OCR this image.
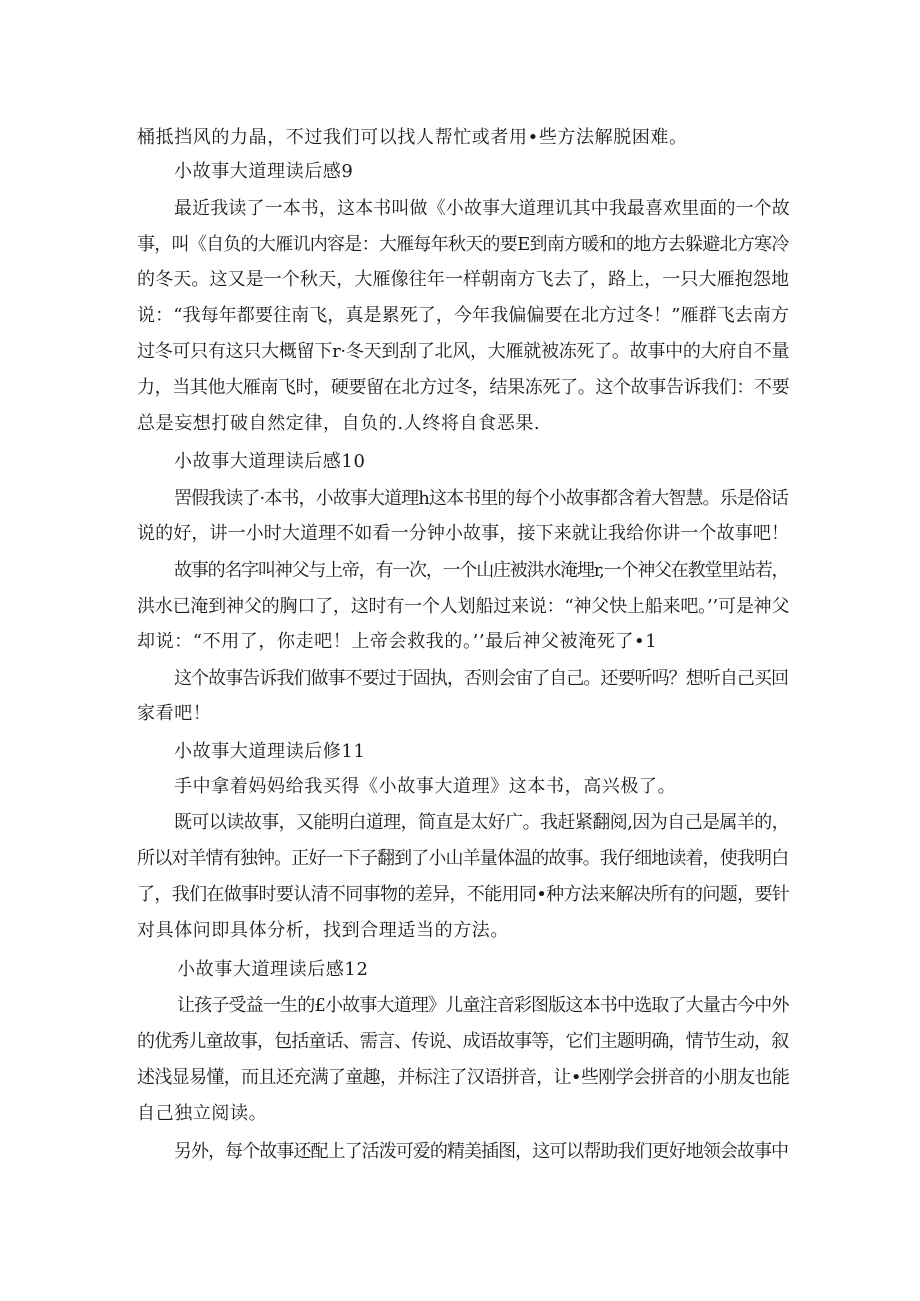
桶抵挡风的力晶，不过我们可以找人帮忙或者用•些方法解脱困难。
小故事大道理读后感9
最近我读了一本书，这本书叫做《小故事大道理讥其中我最喜欢里面的一个故
事，叫《自负的大雁讥内容是：大雁每年秋天的要E到南方暖和的地方去躲避北方寒冷
的冬天。这又是一个秋天，大雁像往年一样朝南方飞去了，路上，一只大雁抱怨地
说：“我每年都要往南飞，真是累死了，今年我偏偏要在北方过冬！”雁群飞去南方
过冬可只有这只大概留下r·冬天到刮了北风，大雁就被冻死了。故事中的大府自不量
力，当其他大雁南飞时，硬要留在北方过冬，结果冻死了。这个故事告诉我们：不要
总是妄想打破自然定律，自负的.人终将自食恶果.
小故事大道理读后感10
罟假我读了·本书，小故事大道理h这本书里的每个小故事都含着大智慧。乐是俗话
说的好，讲一小时大道理不如看一分钟小故事，接下来就让我给你讲一个故事吧！
故事的名字叫神父与上帝，有一次，一个山庄被洪水淹埋r,一个神父在教堂里站若，
洪水已淹到神父的胸口了，这时有一个人划船过来说：“神父快上船来吧。’’可是神父
却说：“不用了，你走吧！上帝会救我的。’’最后神父被淹死了•1
这个故事告诉我们做事不要过于固执，否则会宙了自己。还要听吗？想听自己买回
家看吧！
小故事大道理读后修11
手中拿着妈妈给我买得《小故事大道理》这本书，高兴极了。
既可以读故事，又能明白道理，简直是太好广。我赶紧翻阅,因为自己是属羊的，
所以对羊情有独钟。正好一下子翻到了小山羊量体温的故事。我仔细地读着，使我明白
了，我们在做事时要认清不同事物的差异，不能用同•种方法来解决所有的问题，要针
对具体问即具体分析，找到合理适当的方法。
小故事大道理读后感12
让孩子受益一生的£小故事大道理》儿童注音彩图版这本书中选取了大量古今中外
的优秀儿童故事，包括童话、需言、传说、成语故事等，它们主题明确，情节生动，叙
述浅显易懂，而且还充满了童趣，并标注了汉语拼音，让•些刚学会拼音的小朋友也能
自己独立阅读。
另外，每个故事还配上了活泼可爱的精美插图，这可以帮助我们更好地领会故事中
